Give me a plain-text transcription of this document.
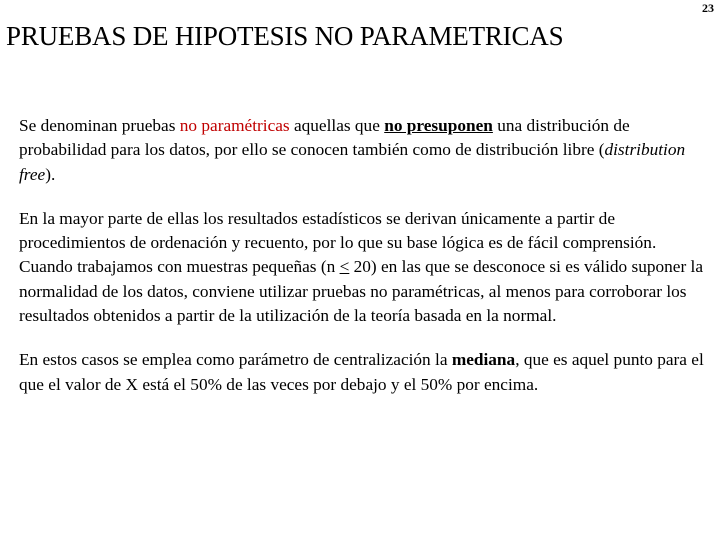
23
PRUEBAS DE HIPOTESIS NO PARAMETRICAS

Se denominan pruebas no paramétricas aquellas que no presuponen una distribución de probabilidad para los datos, por ello se conocen también como de distribución libre (distribution free).

En la mayor parte de ellas los resultados estadísticos se derivan únicamente a partir de procedimientos de ordenación y recuento, por lo que su base lógica es de fácil comprensión. Cuando trabajamos con muestras pequeñas (n ≤ 20) en las que se desconoce si es válido suponer la normalidad de los datos, conviene utilizar pruebas no paramétricas, al menos para corroborar los resultados obtenidos a partir de la utilización de la teoría basada en la normal.

En estos casos se emplea como parámetro de centralización la mediana, que es aquel punto para el que el valor de X está el 50% de las veces por debajo y el 50% por encima.
